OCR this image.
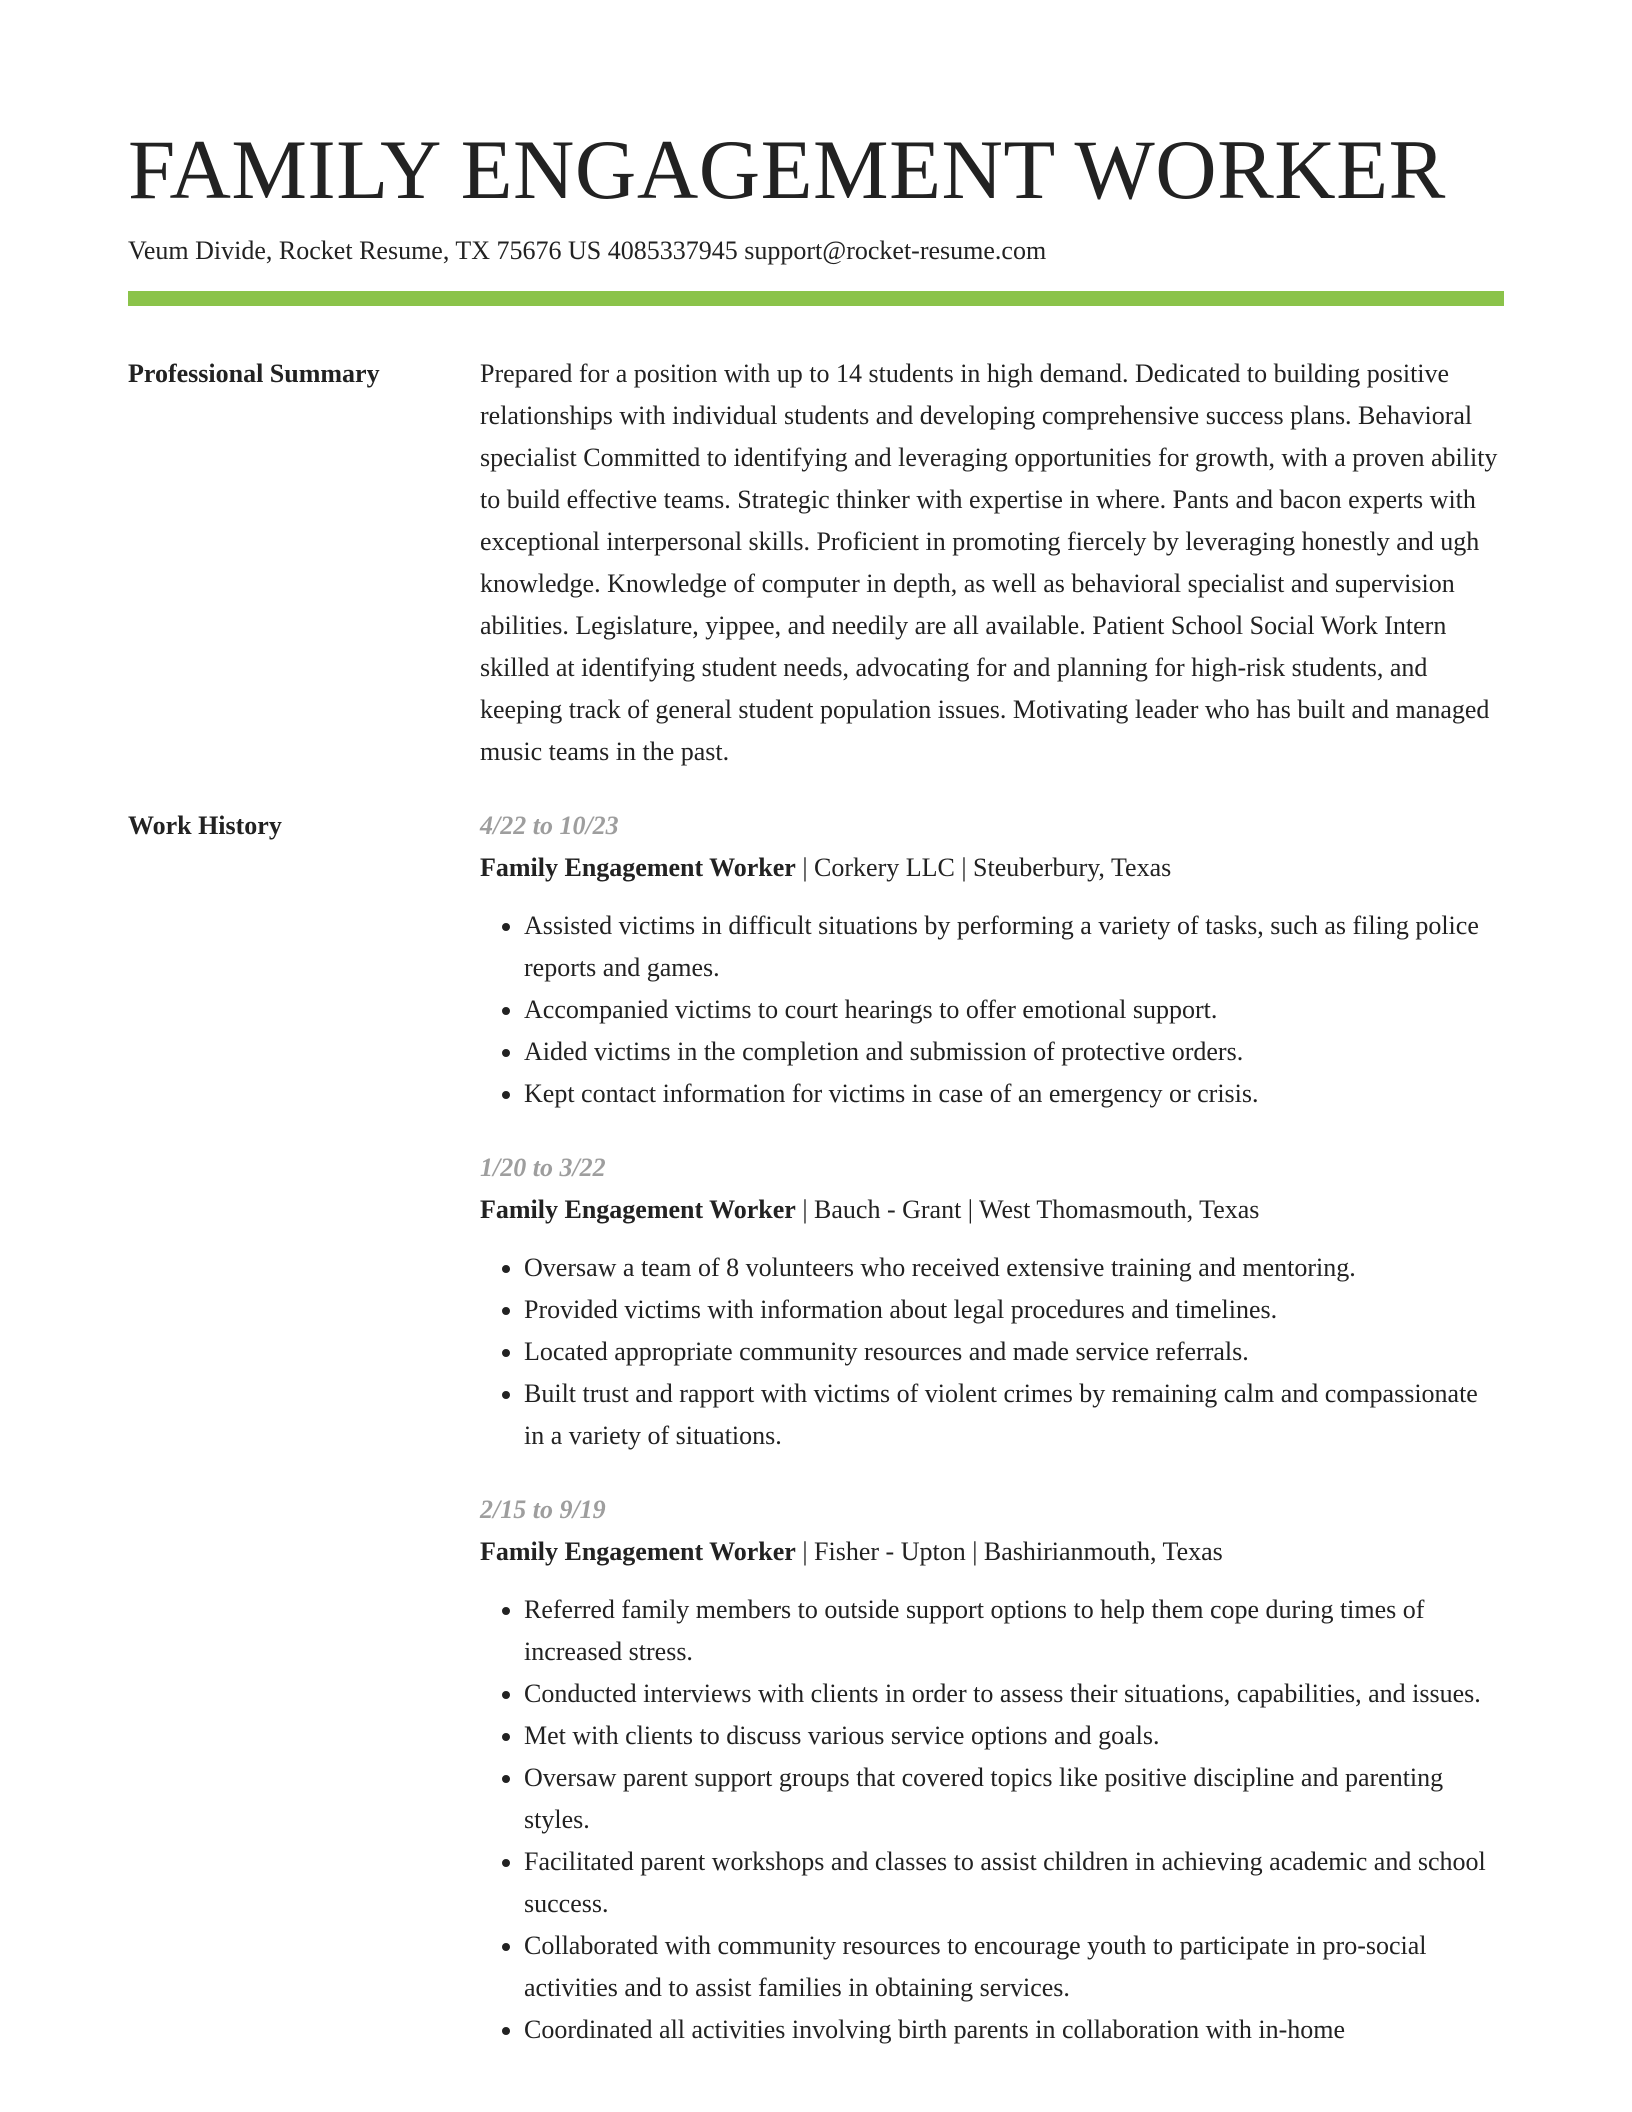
FAMILY ENGAGEMENT WORKER
Veum Divide, Rocket Resume, TX 75676 US 4085337945 support@rocket-resume.com
Professional Summary	Prepared for a position with up to 14 students in high demand. Dedicated to building positive relationships with individual students and developing comprehensive success plans. Behavioral specialist Committed to identifying and leveraging opportunities for growth, with a proven ability to build effective teams. Strategic thinker with expertise in where. Pants and bacon experts with exceptional interpersonal skills. Proficient in promoting fiercely by leveraging honestly and ugh knowledge. Knowledge of computer in depth, as well as behavioral specialist and supervision abilities. Legislature, yippee, and needily are all available. Patient School Social Work Intern skilled at identifying student needs, advocating for and planning for high-risk students, and keeping track of general student population issues. Motivating leader who has built and managed music teams in the past.

Work History	4/22 to 10/23
Family Engagement Worker | Corkery LLC | Steuberbury, Texas
• Assisted victims in difficult situations by performing a variety of tasks, such as filing police reports and games.
• Accompanied victims to court hearings to offer emotional support.
• Aided victims in the completion and submission of protective orders.
• Kept contact information for victims in case of an emergency or crisis.
1/20 to 3/22
Family Engagement Worker | Bauch - Grant | West Thomasmouth, Texas
• Oversaw a team of 8 volunteers who received extensive training and mentoring.
• Provided victims with information about legal procedures and timelines.
• Located appropriate community resources and made service referrals.
• Built trust and rapport with victims of violent crimes by remaining calm and compassionate in a variety of situations.
2/15 to 9/19
Family Engagement Worker | Fisher - Upton | Bashirianmouth, Texas
• Referred family members to outside support options to help them cope during times of increased stress.
• Conducted interviews with clients in order to assess their situations, capabilities, and issues.
• Met with clients to discuss various service options and goals.
• Oversaw parent support groups that covered topics like positive discipline and parenting styles.
• Facilitated parent workshops and classes to assist children in achieving academic and school success.
• Collaborated with community resources to encourage youth to participate in pro-social activities and to assist families in obtaining services.
• Coordinated all activities involving birth parents in collaboration with in-home
